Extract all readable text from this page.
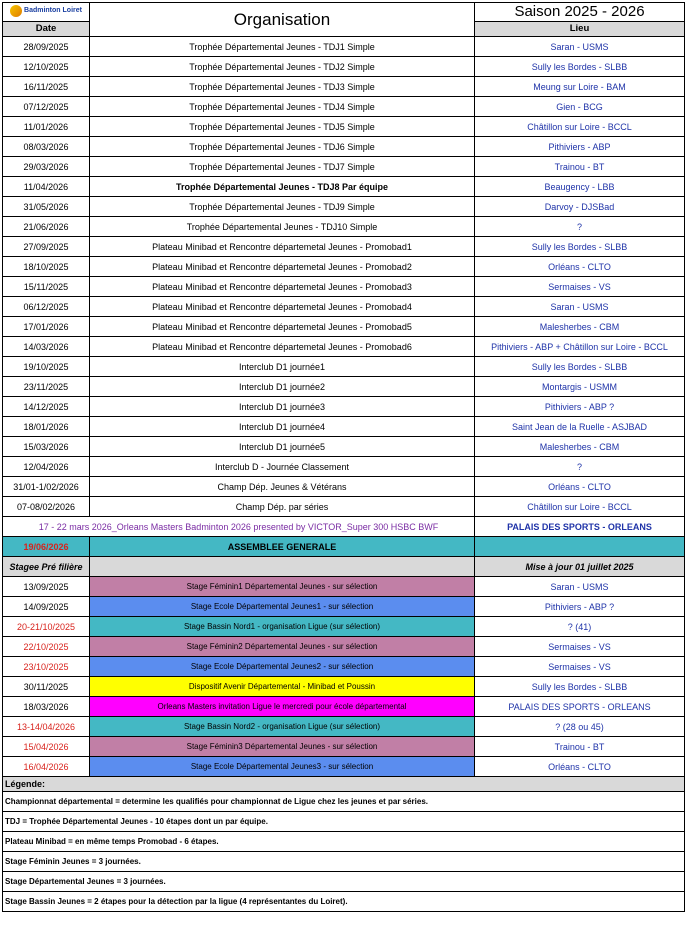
Badminton Loiret	Organisation	Saison 2025 - 2026
Date		Lieu
28/09/2025	Trophée Départemental Jeunes - TDJ1 Simple	Saran - USMS
12/10/2025	Trophée Départemental Jeunes - TDJ2 Simple	Sully les Bordes - SLBB
16/11/2025	Trophée Départemental Jeunes - TDJ3 Simple	Meung sur Loire - BAM
07/12/2025	Trophée Départemental Jeunes - TDJ4 Simple	Gien - BCG
11/01/2026	Trophée Départemental Jeunes - TDJ5 Simple	Châtillon sur Loire - BCCL
08/03/2026	Trophée Départemental Jeunes - TDJ6 Simple	Pithiviers - ABP
29/03/2026	Trophée Départemental Jeunes - TDJ7 Simple	Trainou - BT
11/04/2026	Trophée Départemental Jeunes - TDJ8 Par équipe	Beaugency - LBB
31/05/2026	Trophée Départemental Jeunes - TDJ9 Simple	Darvoy - DJSBad
21/06/2026	Trophée Départemental Jeunes - TDJ10 Simple	?
27/09/2025	Plateau Minibad et Rencontre départemetal Jeunes - Promobad1	Sully les Bordes - SLBB
18/10/2025	Plateau Minibad et Rencontre départemetal Jeunes - Promobad2	Orléans - CLTO
15/11/2025	Plateau Minibad et Rencontre départemetal Jeunes - Promobad3	Sermaises - VS
06/12/2025	Plateau Minibad et Rencontre départemetal Jeunes - Promobad4	Saran - USMS
17/01/2026	Plateau Minibad et Rencontre départemetal Jeunes - Promobad5	Malesherbes - CBM
14/03/2026	Plateau Minibad et Rencontre départemetal Jeunes - Promobad6	Pithiviers - ABP + Châtillon sur Loire - BCCL
19/10/2025	Interclub D1 journée1	Sully les Bordes - SLBB
23/11/2025	Interclub D1 journée2	Montargis - USMM
14/12/2025	Interclub D1 journée3	Pithiviers - ABP ?
18/01/2026	Interclub D1 journée4	Saint Jean de la Ruelle - ASJBAD
15/03/2026	Interclub D1 journée5	Malesherbes - CBM
12/04/2026	Interclub D - Journée Classement	?
31/01-1/02/2026	Champ Dép. Jeunes & Vétérans	Orléans - CLTO
07-08/02/2026	Champ Dép. par séries	Châtillon sur Loire - BCCL
17 - 22 mars 2026_Orleans Masters Badminton 2026 presented by VICTOR_Super 300 HSBC BWF		PALAIS DES SPORTS - ORLEANS
19/06/2026	ASSEMBLEE GENERALE	
Stagee Pré filière		Mise à jour 01 juillet 2025
13/09/2025	Stage Féminin1 Départemental Jeunes - sur sélection	Saran - USMS
14/09/2025	Stage Ecole Départemental Jeunes1 - sur sélection	Pithiviers - ABP ?
20-21/10/2025	Stage Bassin Nord1 - organisation Ligue (sur sélection)	? (41)
22/10/2025	Stage Féminin2 Départemental Jeunes - sur sélection	Sermaises - VS
23/10/2025	Stage Ecole Départemental Jeunes2 - sur sélection	Sermaises - VS
30/11/2025	Dispositif Avenir Départemental - Minibad et Poussin	Sully les Bordes - SLBB
18/03/2026	Orleans Masters invitation Ligue le mercredi pour école départemental	PALAIS DES SPORTS - ORLEANS
13-14/04/2026	Stage Bassin Nord2 - organisation Ligue (sur sélection)	? (28 ou 45)
15/04/2026	Stage Féminin3 Départemental Jeunes - sur sélection	Trainou - BT
16/04/2026	Stage Ecole Départemental Jeunes3 - sur sélection	Orléans - CLTO
Légende:		
Championnat départemental = determine les qualifiés pour championnat de Ligue chez les jeunes et par séries.		
TDJ = Trophée Départemental Jeunes - 10 étapes dont un par équipe.		
Plateau Minibad = en même temps Promobad - 6 étapes.		
Stage Féminin Jeunes = 3 journées.		
Stage Départemental Jeunes = 3 journées.		
Stage Bassin Jeunes = 2 étapes pour la détection par la ligue (4 représentantes du Loiret).		
